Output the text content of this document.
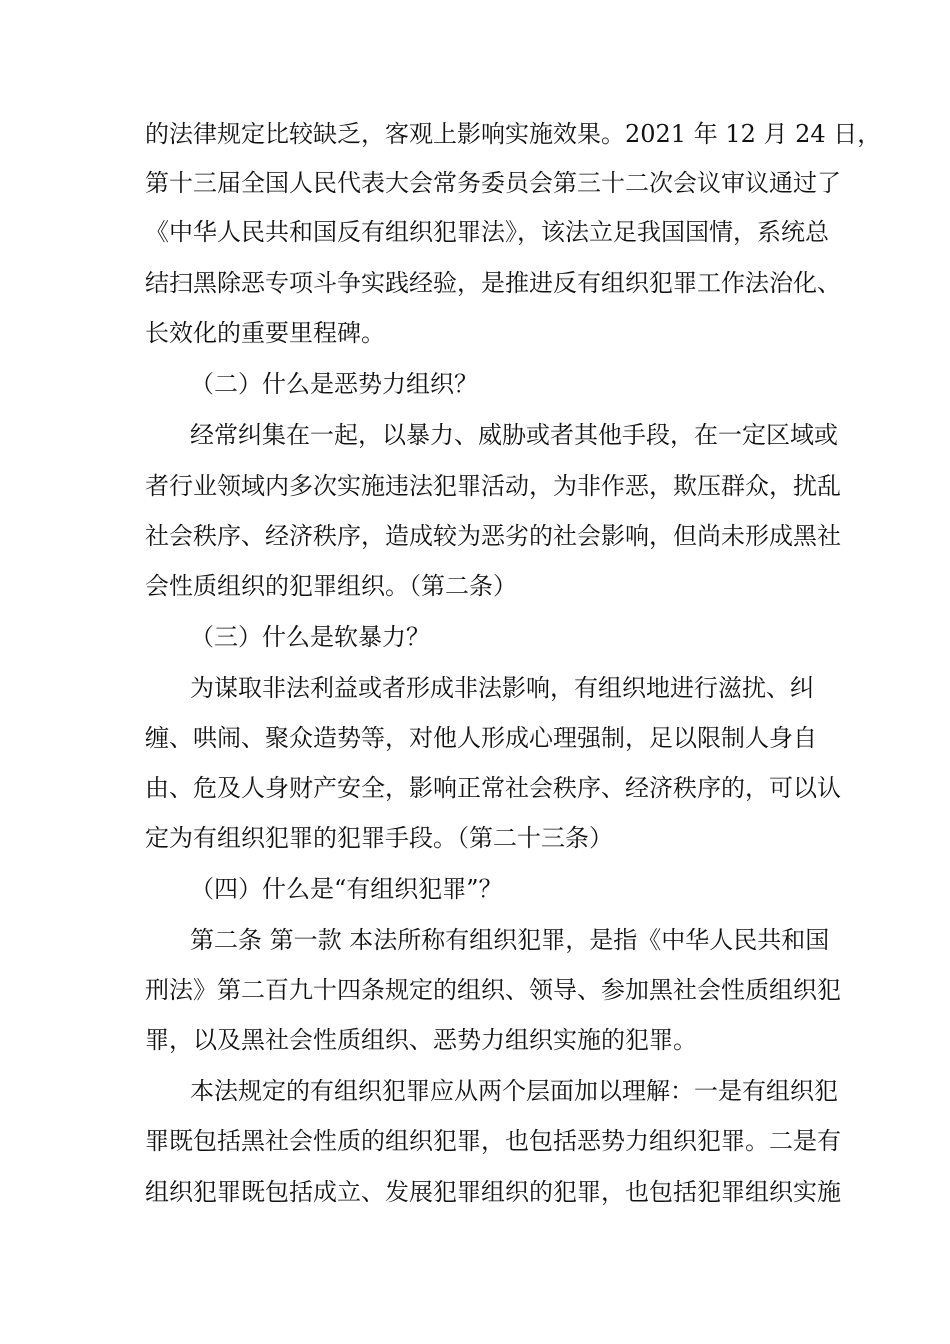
的法律规定比较缺乏，客观上影响实施效果。2021 年 12 月 24 日，
第十三届全国人民代表大会常务委员会第三十二次会议审议通过了
《中华人民共和国反有组织犯罪法》，该法立足我国国情，系统总
结扫黑除恶专项斗争实践经验，是推进反有组织犯罪工作法治化、
长效化的重要里程碑。
（二）什么是恶势力组织？
经常纠集在一起，以暴力、威胁或者其他手段，在一定区域或
者行业领域内多次实施违法犯罪活动，为非作恶，欺压群众，扰乱
社会秩序、经济秩序，造成较为恶劣的社会影响，但尚未形成黑社
会性质组织的犯罪组织。（第二条）
（三）什么是软暴力？
为谋取非法利益或者形成非法影响，有组织地进行滋扰、纠
缠、哄闹、聚众造势等，对他人形成心理强制，足以限制人身自
由、危及人身财产安全，影响正常社会秩序、经济秩序的，可以认
定为有组织犯罪的犯罪手段。（第二十三条）
（四）什么是“有组织犯罪”？
第二条 第一款 本法所称有组织犯罪，是指《中华人民共和国
刑法》第二百九十四条规定的组织、领导、参加黑社会性质组织犯
罪，以及黑社会性质组织、恶势力组织实施的犯罪。
本法规定的有组织犯罪应从两个层面加以理解：一是有组织犯
罪既包括黑社会性质的组织犯罪，也包括恶势力组织犯罪。二是有
组织犯罪既包括成立、发展犯罪组织的犯罪，也包括犯罪组织实施
